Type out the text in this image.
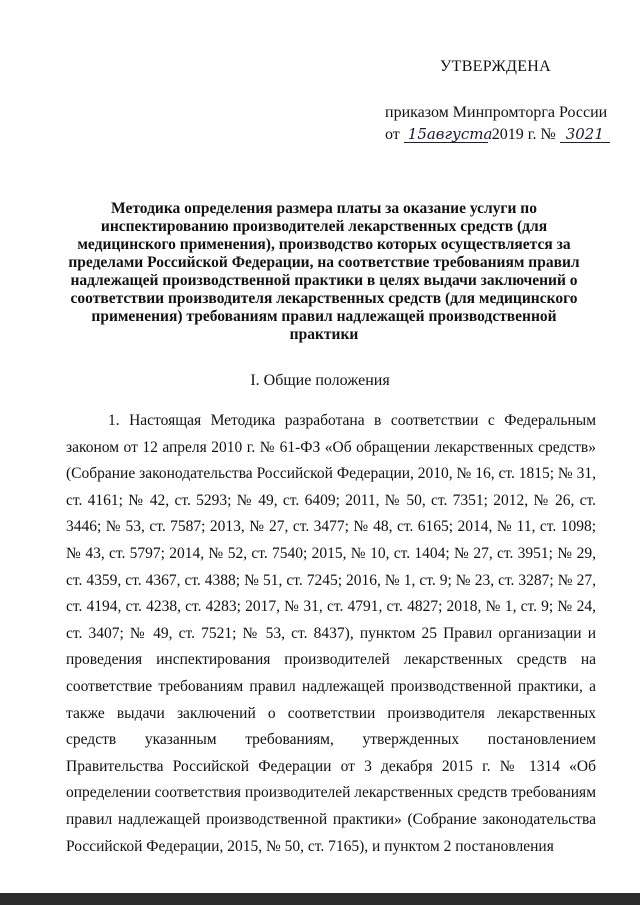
УТВЕРЖДЕНА
приказом Минпромторга России
от 15августа 2019 г. № 3021
Методика определения размера платы за оказание услуги по инспектированию производителей лекарственных средств (для медицинского применения), производство которых осуществляется за пределами Российской Федерации, на соответствие требованиям правил надлежащей производственной практики в целях выдачи заключений о соответствии производителя лекарственных средств (для медицинского применения) требованиям правил надлежащей производственной практики
I. Общие положения
1. Настоящая Методика разработана в соответствии с Федеральным законом от 12 апреля 2010 г. № 61-ФЗ «Об обращении лекарственных средств» (Собрание законодательства Российской Федерации, 2010, № 16, ст. 1815; № 31, ст. 4161; № 42, ст. 5293; № 49, ст. 6409; 2011, № 50, ст. 7351; 2012, № 26, ст. 3446; № 53, ст. 7587; 2013, № 27, ст. 3477; № 48, ст. 6165; 2014, № 11, ст. 1098; № 43, ст. 5797; 2014, № 52, ст. 7540; 2015, № 10, ст. 1404; № 27, ст. 3951; № 29, ст. 4359, ст. 4367, ст. 4388; № 51, ст. 7245; 2016, № 1, ст. 9; № 23, ст. 3287; № 27, ст. 4194, ст. 4238, ст. 4283; 2017, № 31, ст. 4791, ст. 4827; 2018, № 1, ст. 9; № 24, ст. 3407; № 49, ст. 7521; № 53, ст. 8437), пунктом 25 Правил организации и проведения инспектирования производителей лекарственных средств на соответствие требованиям правил надлежащей производственной практики, а также выдачи заключений о соответствии производителя лекарственных средств указанным требованиям, утвержденных постановлением Правительства Российской Федерации от 3 декабря 2015 г. № 1314 «Об определении соответствия производителей лекарственных средств требованиям правил надлежащей производственной практики» (Собрание законодательства Российской Федерации, 2015, № 50, ст. 7165), и пунктом 2 постановления
